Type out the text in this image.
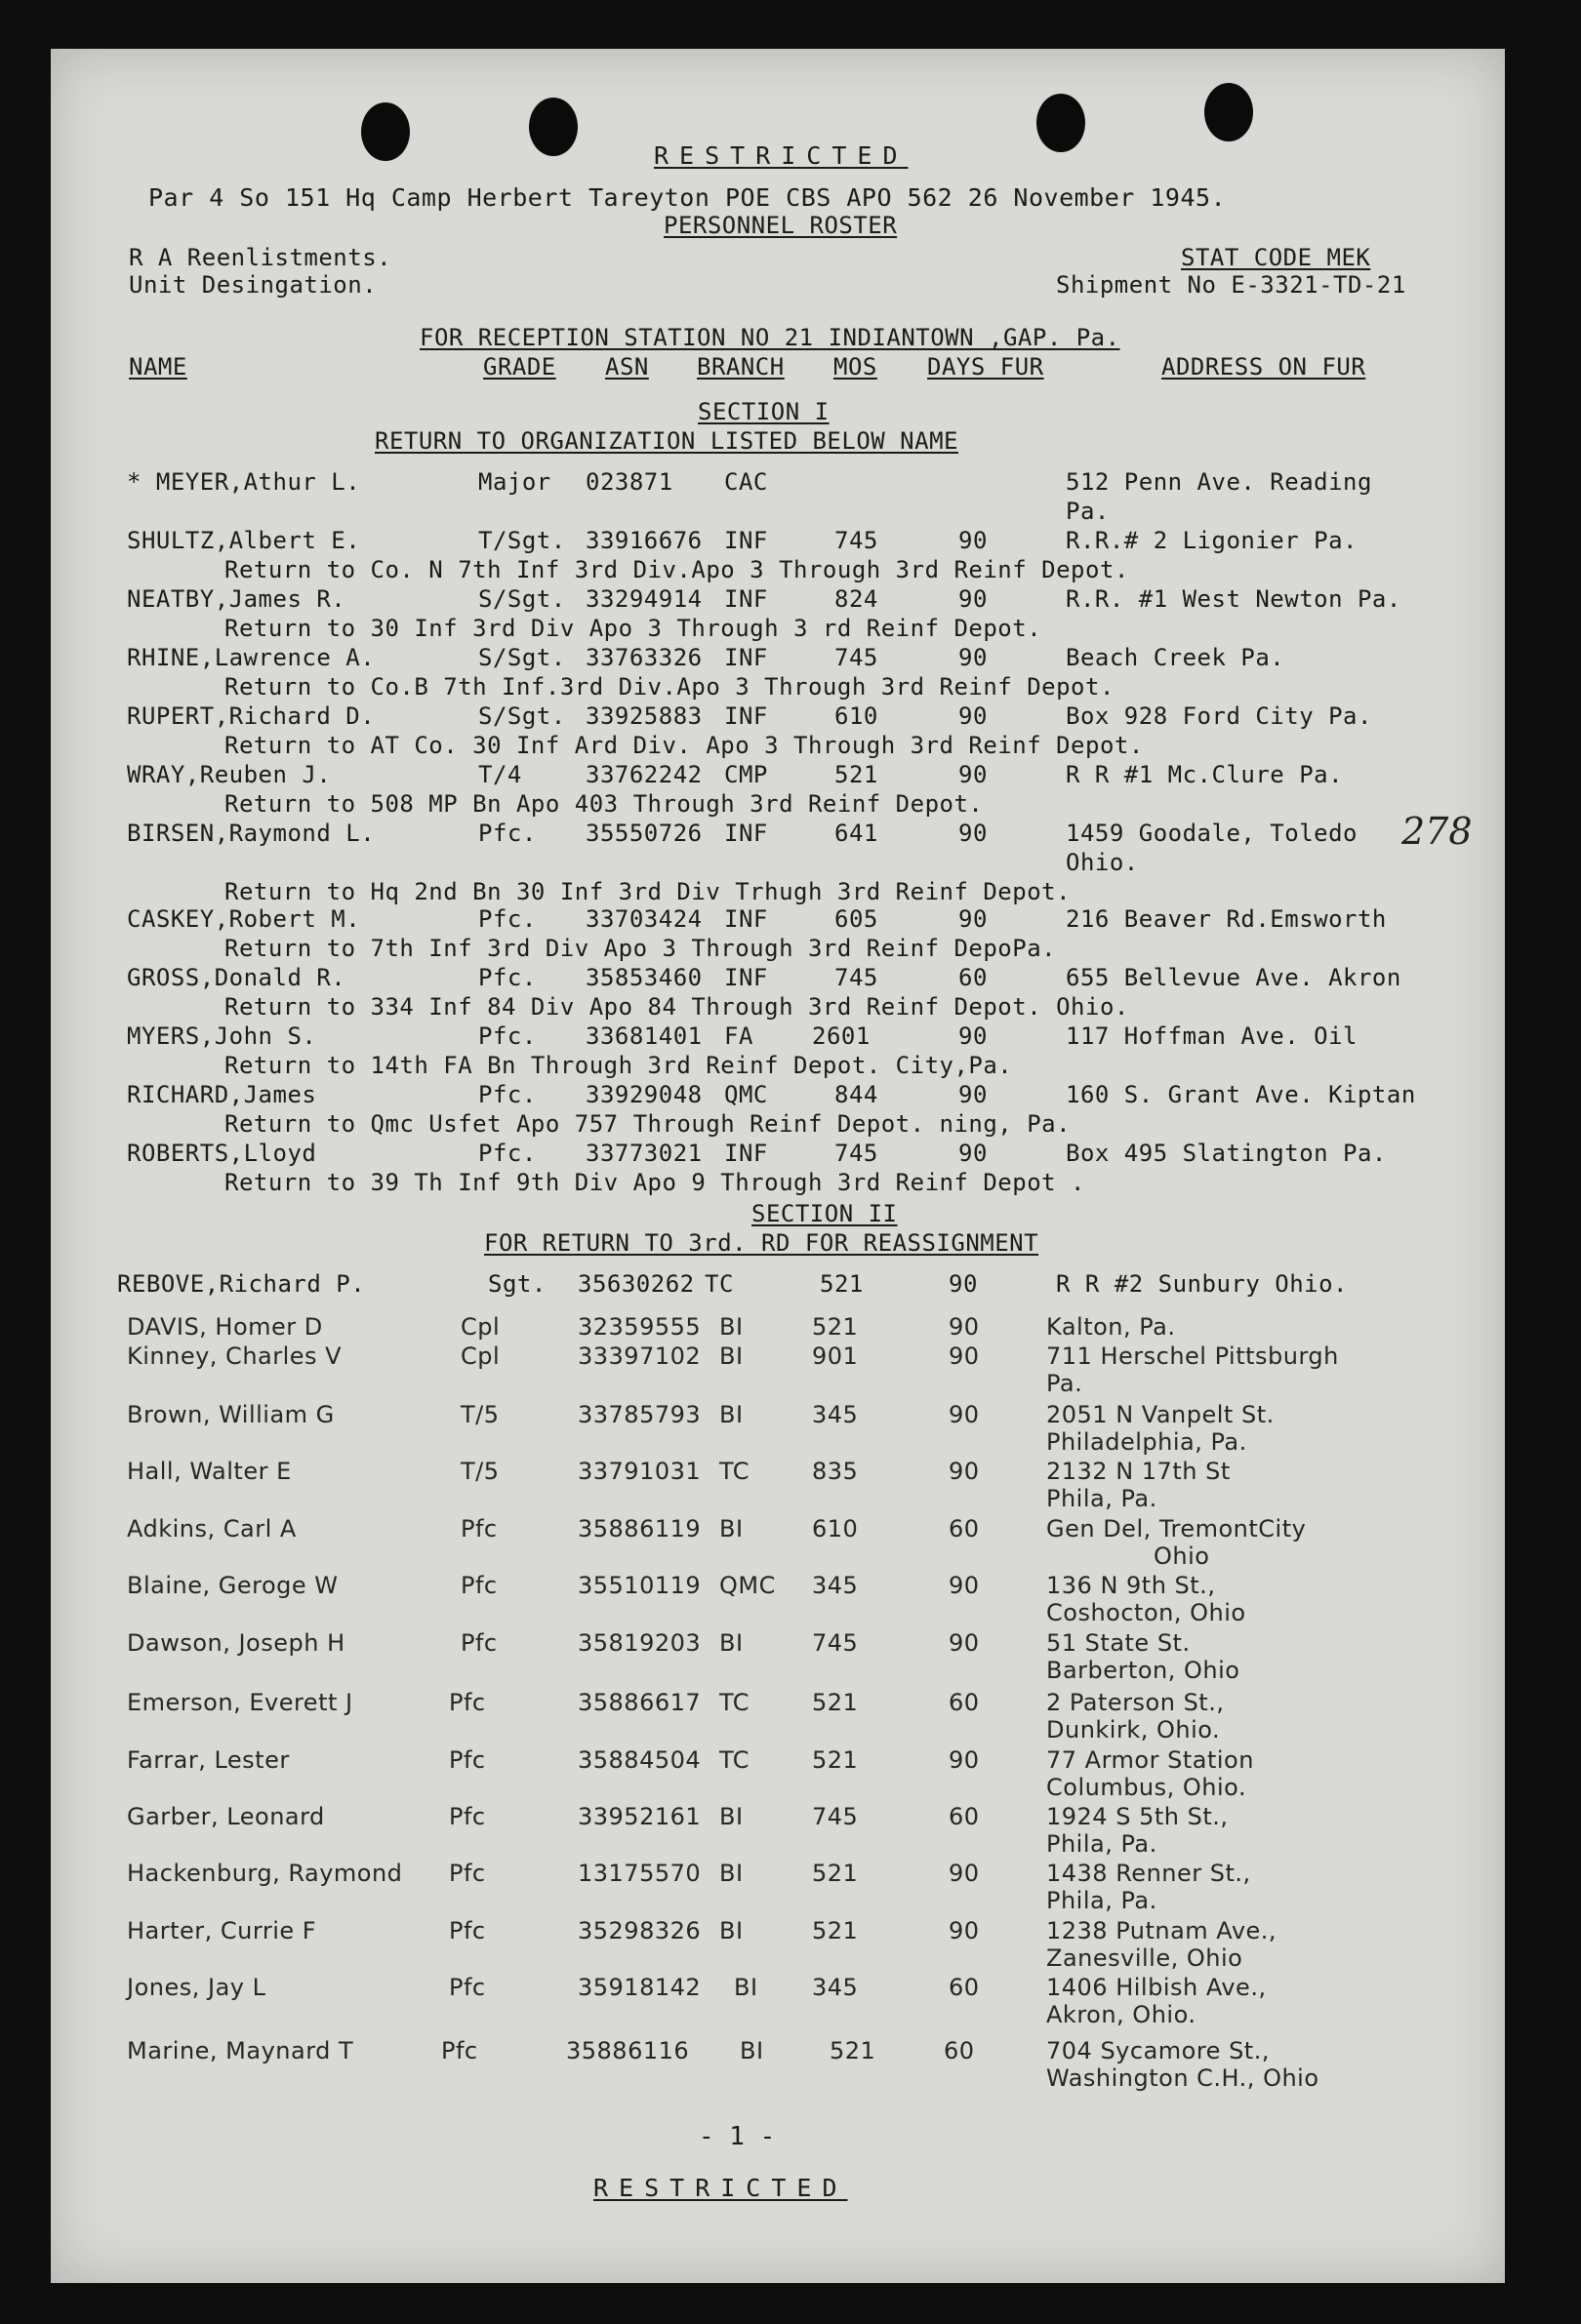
RESTRICTED
Par 4 So 151 Hq Camp Herbert Tareyton POE CBS APO 562 26 November 1945.
PERSONNEL ROSTER
R A Reenlistments.
Unit Desingation.
STAT CODE MEK
Shipment No E-3321-TD-21
FOR RECEPTION STATION NO 21 INDIANTOWN ,GAP. Pa.
NAME	GRADE ASN BRANCH MOS DAYS FUR	ADDRESS ON FUR
SECTION I
RETURN TO ORGANIZATION LISTED BELOW NAME
* MEYER,Athur L.	Major 023871 CAC	512 Penn Ave. Reading
Pa.
SHULTZ,Albert E.	T/Sgt. 33916676 INF	745	90	R.R.# 2 Ligonier Pa.
Return to Co. N 7th Inf 3rd Div.Apo 3 Through 3rd Reinf Depot.
NEATBY,James R.	S/Sgt. 33294914 INF	824	90	R.R. #1 West Newton Pa.
Return to 30 Inf 3rd Div Apo 3 Through 3 rd Reinf Depot.
RHINE,Lawrence A.	S/Sgt. 33763326 INF	745	90	Beach Creek Pa.
Return to Co.B 7th Inf.3rd Div.Apo 3 Through 3rd Reinf Depot.
RUPERT,Richard D.	S/Sgt. 33925883 INF	610	90	Box 928 Ford City Pa.
Return to AT Co. 30 Inf Ard Div. Apo 3 Through 3rd Reinf Depot.
WRAY,Reuben J.	T/4	33762242 CMP	521	90	R R #1 Mc.Clure Pa.
Return to 508 MP Bn Apo 403 Through 3rd Reinf Depot.
BIRSEN,Raymond L.	Pfc. 35550726 INF	641	90	1459 Goodale, Toledo
Ohio.
Return to Hq 2nd Bn 30 Inf 3rd Div Trhugh 3rd Reinf Depot.
CASKEY,Robert M.	Pfc. 33703424 INF	605	90	216 Beaver Rd.Emsworth
Return to 7th Inf 3rd Div Apo 3 Through 3rd Reinf DepoPa.
GROSS,Donald R.	Pfc. 35853460 INF	745	60	655 Bellevue Ave. Akron
Return to 334 Inf 84 Div Apo 84 Through 3rd Reinf Depot. Ohio.
MYERS,John S.	Pfc. 33681401 FA	2601	90	117 Hoffman Ave. Oil
Return to 14th FA Bn Through 3rd Reinf Depot. City,Pa.
RICHARD,James	Pfc. 33929048 QMC	844	90	160 S. Grant Ave. Kiptan
Return to Qmc Usfet Apo 757 Through Reinf Depot. ning, Pa.
ROBERTS,Lloyd	Pfc. 33773021 INF	745	90	Box 495 Slatington Pa.
Return to 39 Th Inf 9th Div Apo 9 Through 3rd Reinf Depot .
278
SECTION II
FOR RETURN TO 3rd. RD FOR REASSIGNMENT
REBOVE,Richard P.	Sgt. 35630262 TC	521	90	R R #2 Sunbury Ohio.
DAVIS, Homer D	Cpl	32359555 BI	521	90	Kalton, Pa.
Kinney, Charles V	Cpl	33397102 BI	901	90	711 Herschel Pittsburgh
Pa.
Brown, William G	T/5	33785793 BI	345	90	2051 N Vanpelt St.
Philadelphia, Pa.
Hall, Walter E	T/5	33791031 TC	835	90	2132 N 17th St
Phila, Pa.
Adkins, Carl A	Pfc	35886119 BI	610	60	Gen Del, TremontCity
Ohio
Blaine, Geroge W	Pfc	35510119 QMC 345	90	136 N 9th St.,
Coshocton, Ohio
Dawson, Joseph H	Pfc	35819203 BI	745	90	51 State St.
Barberton, Ohio
Emerson, Everett J	Pfc	35886617 TC	521	60	2 Paterson St.,
Dunkirk, Ohio.
Farrar, Lester	Pfc	35884504 TC	521	90	77 Armor Station
Columbus, Ohio.
Garber, Leonard	Pfc	33952161 BI	745	60	1924 S 5th St.,
Phila, Pa.
Hackenburg, Raymond Pfc	13175570 BI	521	90	1438 Renner St.,
Phila, Pa.
Harter, Currie F	Pfc	35298326 BI	521	90	1238 Putnam Ave.,
Zanesville, Ohio
Jones, Jay L	Pfc	35918142 BI 345	60	1406 Hilbish Ave.,
Akron, Ohio.
Marine, Maynard T	Pfc	35886116 BI	521	60	704 Sycamore St.,
Washington C.H., Ohio
- 1 -
RESTRICTED
